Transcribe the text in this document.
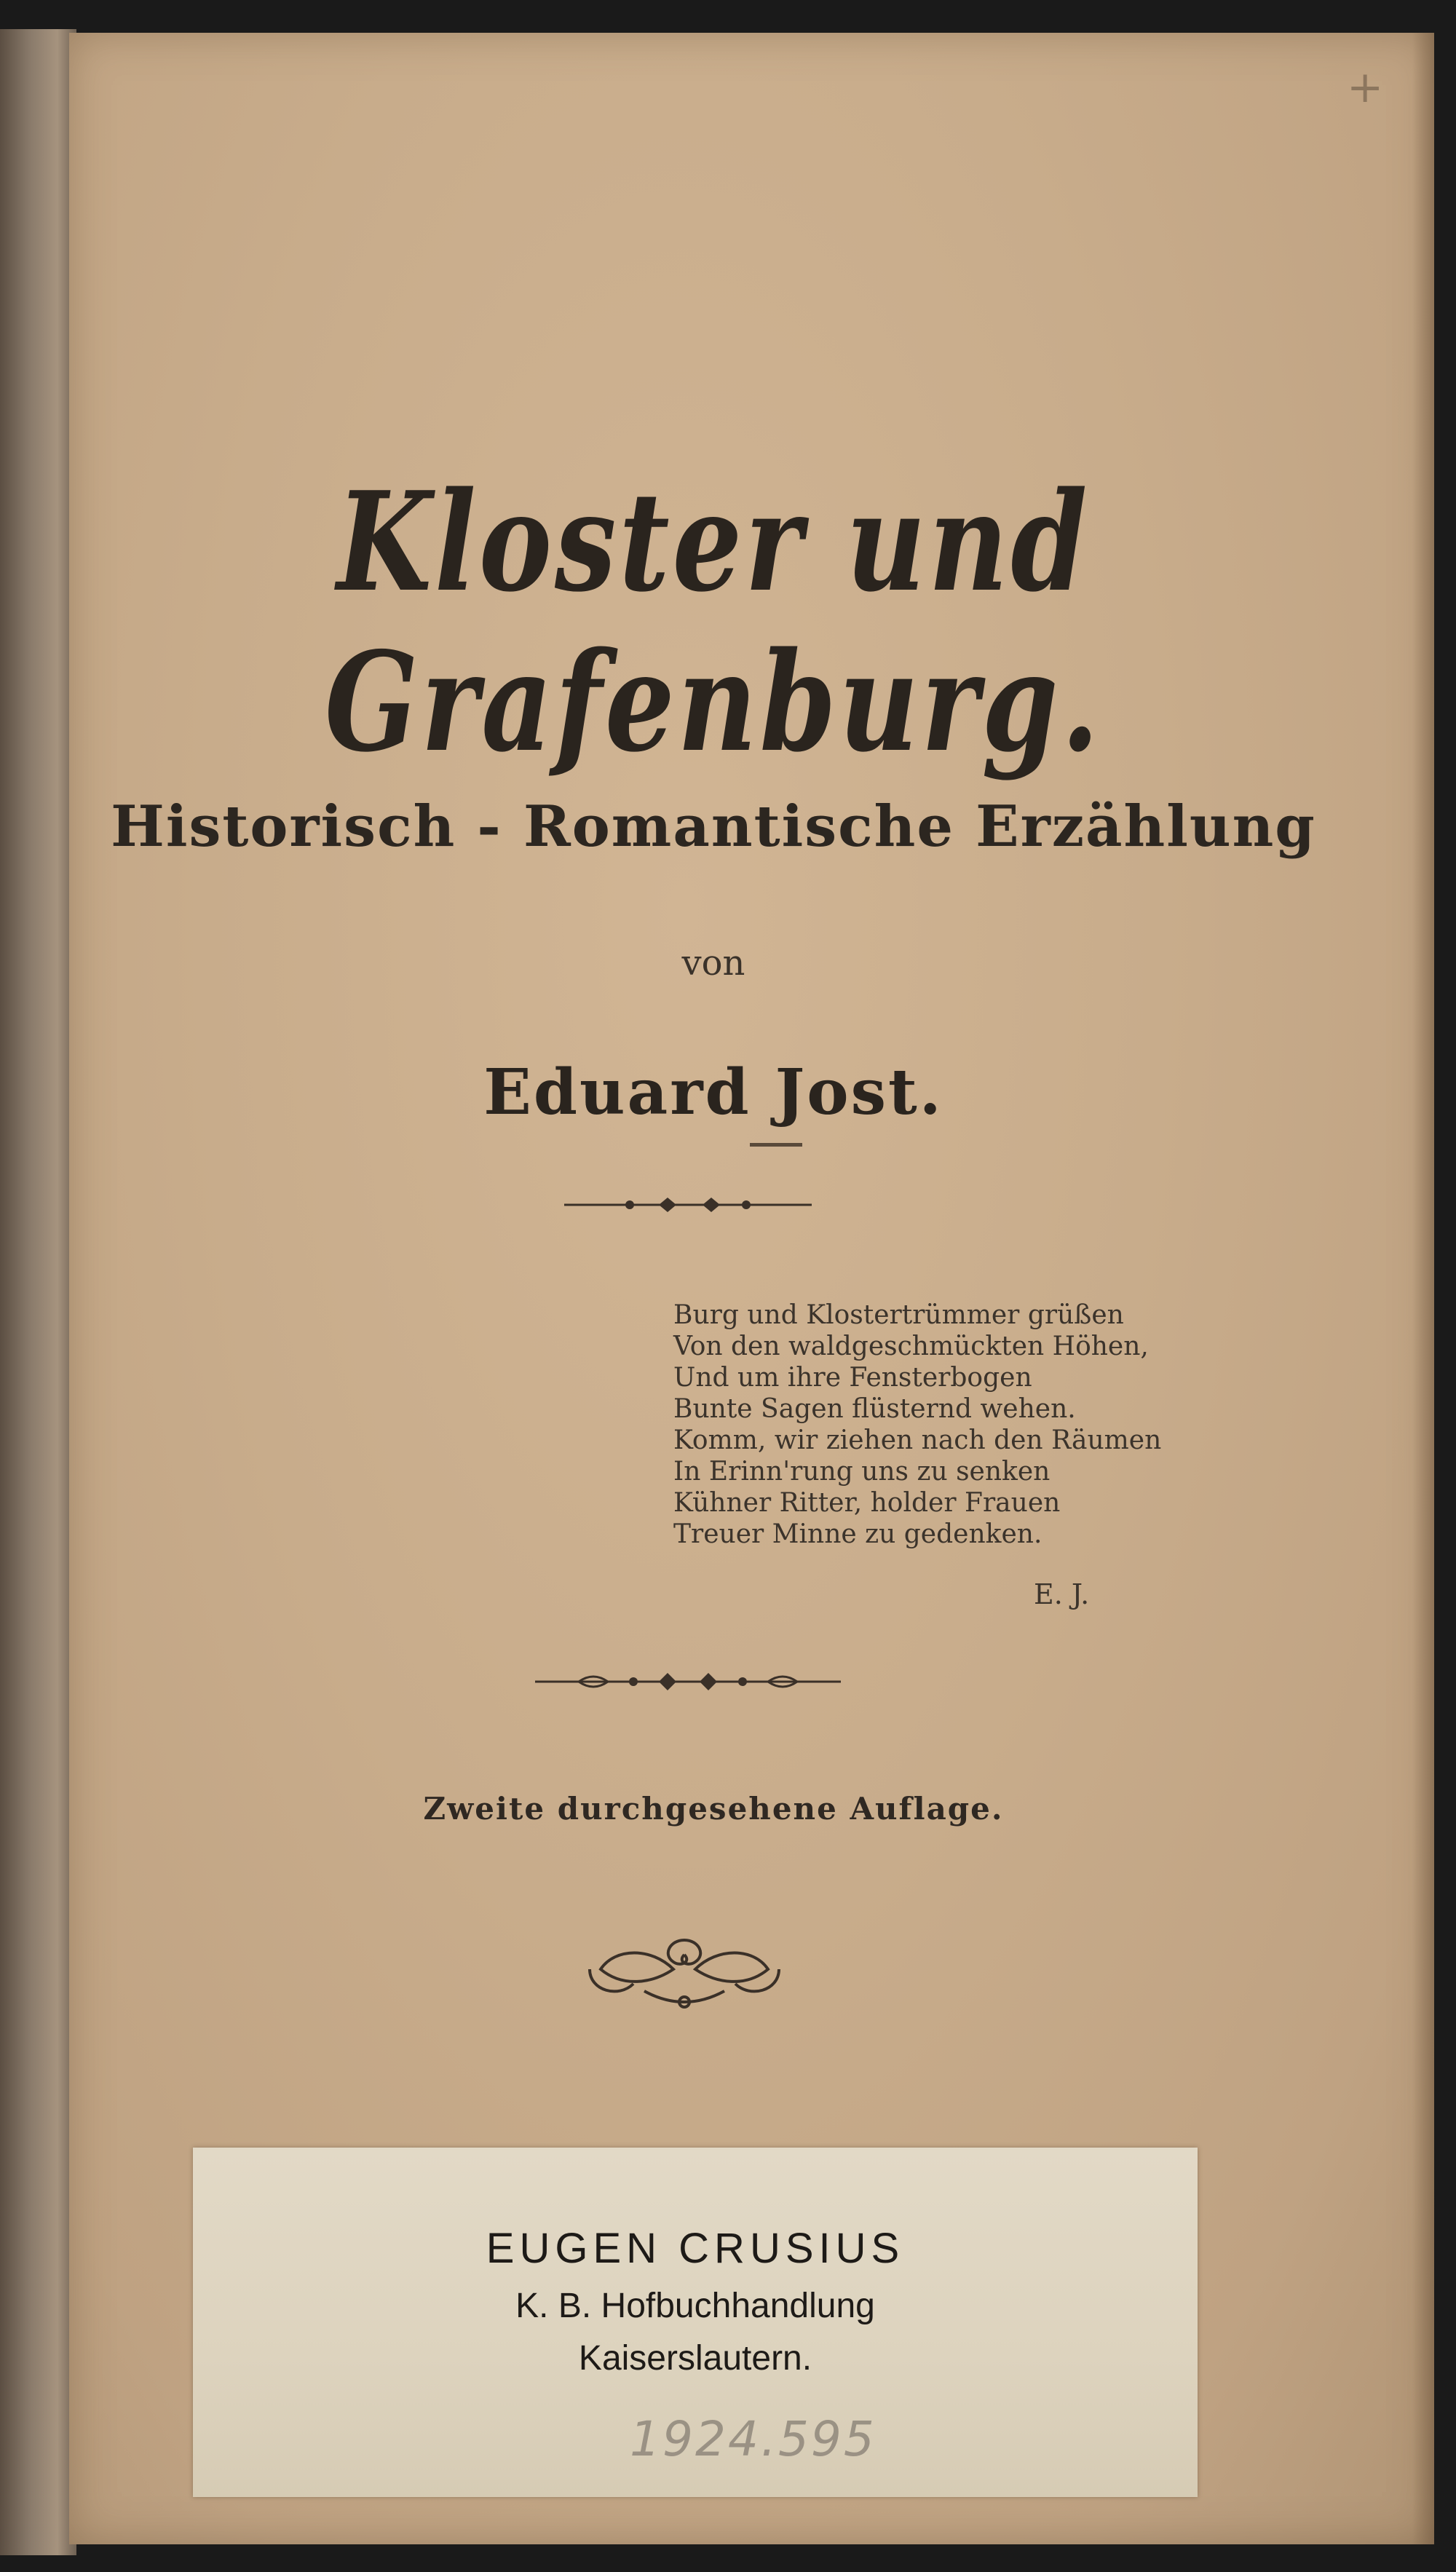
+
Kloster und Grafenburg.
Historisch - Romantische Erzählung
von
Eduard Jost.
Burg und Klostertrümmer grüßen
Von den waldgeschmückten Höhen,
Und um ihre Fensterbogen
Bunte Sagen flüsternd wehen.
Komm, wir ziehen nach den Räumen
In Erinn'rung uns zu senken
Kühner Ritter, holder Frauen
Treuer Minne zu gedenken.
E. J.
Zweite durchgesehene Auflage.
EUGEN CRUSIUS
K. B. Hofbuchhandlung
Kaiserslautern.
1924.595
